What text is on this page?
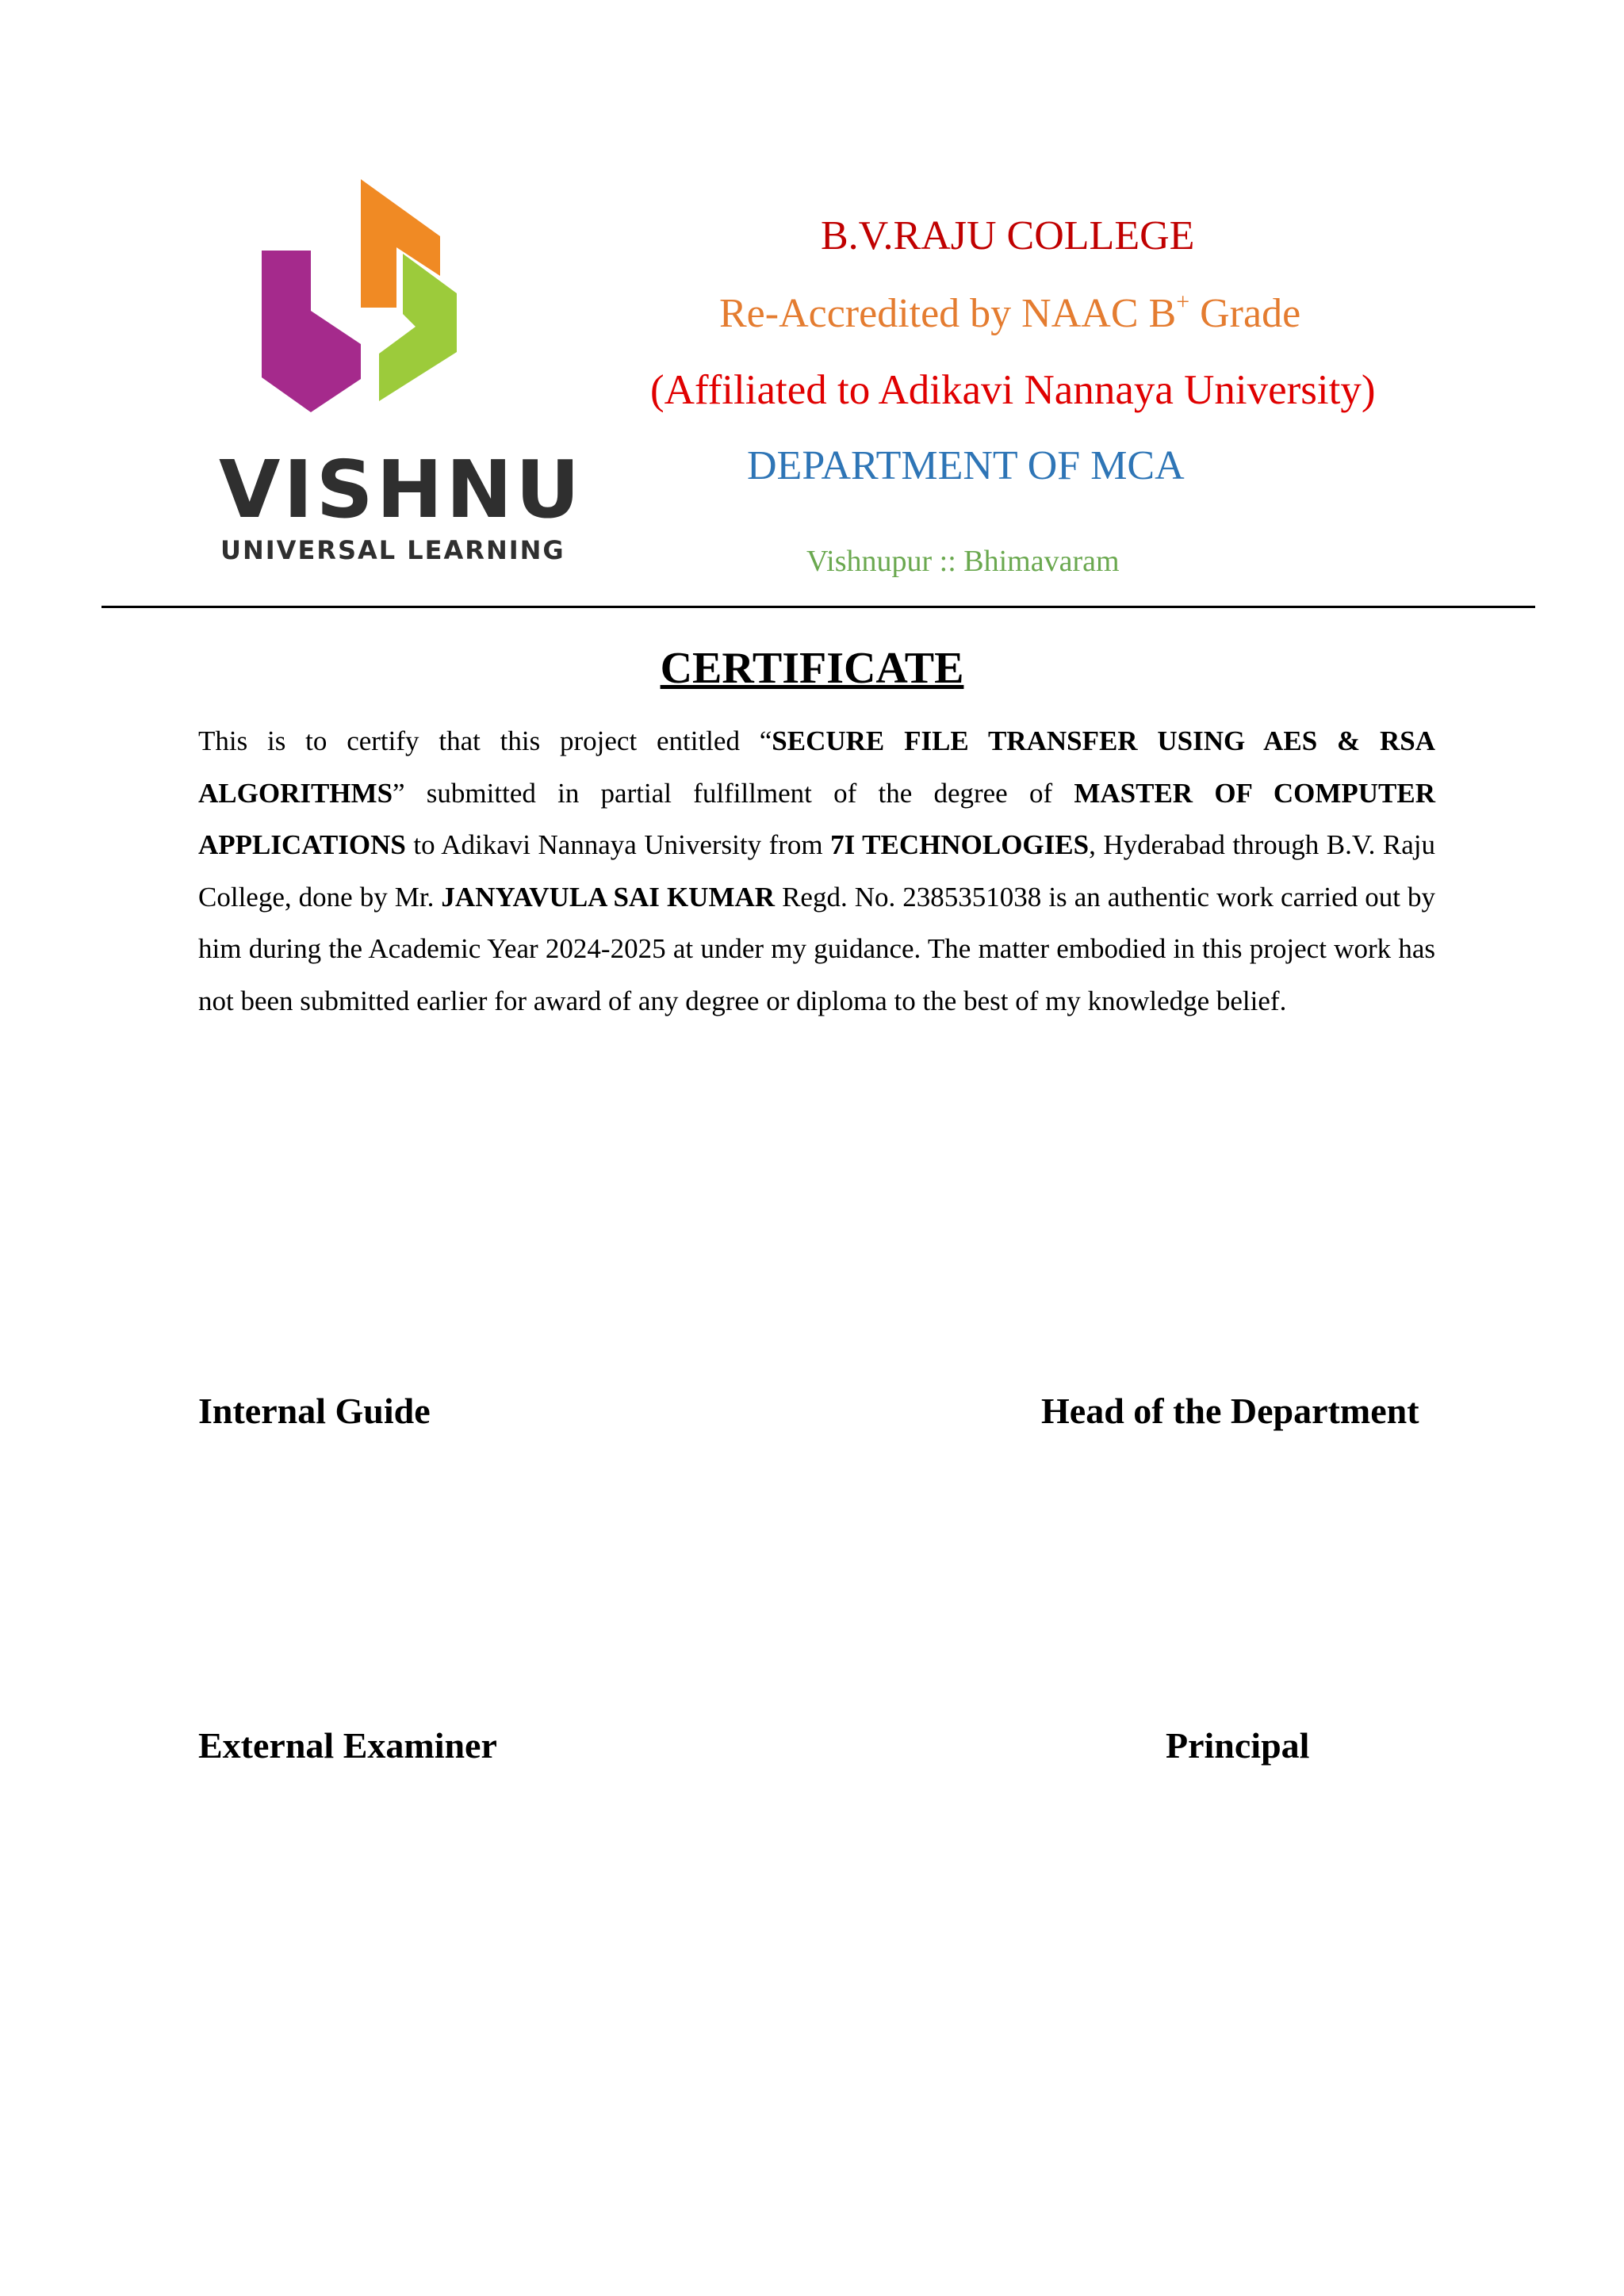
VISHNU
UNIVERSAL LEARNING
B.V.RAJU COLLEGE
Re-Accredited by NAAC B+ Grade
(Affiliated to Adikavi Nannaya University)
DEPARTMENT OF MCA
Vishnupur :: Bhimavaram
CERTIFICATE
This is to certify that this project entitled “SECURE FILE TRANSFER USING AES & RSA ALGORITHMS” submitted in partial fulfillment of the degree of MASTER OF COMPUTER APPLICATIONS to Adikavi Nannaya University from 7I TECHNOLOGIES, Hyderabad through B.V. Raju College, done by Mr. JANYAVULA SAI KUMAR Regd. No. 2385351038 is an authentic work carried out by him during the Academic Year 2024-2025 at under my guidance. The matter embodied in this project work has not been submitted earlier for award of any degree or diploma to the best of my knowledge belief.
Internal Guide	Head of the Department
External Examiner	Principal
